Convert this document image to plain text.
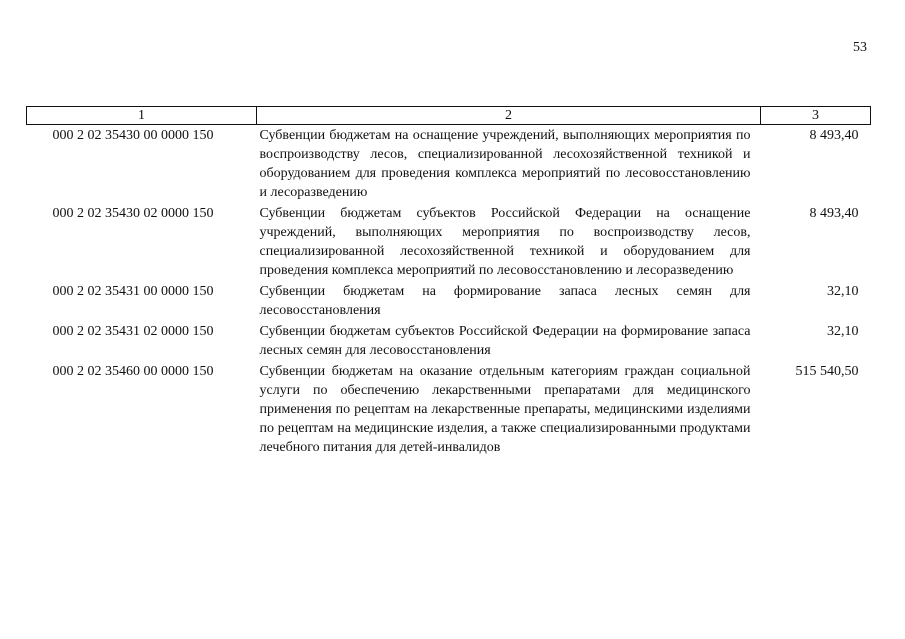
53
1	2	3
000 2 02 35430 00 0000 150	Субвенции бюджетам на оснащение учреждений, выполняющих мероприятия по воспроизводству лесов, специализированной лесохозяйственной техникой и оборудованием для проведения комплекса мероприятий по лесовосстановлению и лесоразведению	8 493,40
000 2 02 35430 02 0000 150	Субвенции бюджетам субъектов Российской Федерации на оснащение учреждений, выполняющих мероприятия по воспроизводству лесов, специализированной лесохозяйственной техникой и оборудованием для проведения комплекса мероприятий по лесовосстановлению и лесоразведению	8 493,40
000 2 02 35431 00 0000 150	Субвенции бюджетам на формирование запаса лесных семян для лесовосстановления	32,10
000 2 02 35431 02 0000 150	Субвенции бюджетам субъектов Российской Федерации на формирование запаса лесных семян для лесовосстановления	32,10
000 2 02 35460 00 0000 150	Субвенции бюджетам на оказание отдельным категориям граждан социальной услуги по обеспечению лекарственными препаратами для медицинского применения по рецептам на лекарственные препараты, медицинскими изделиями по рецептам на медицинские изделия, а также специализированными продуктами лечебного питания для детей-инвалидов	515 540,50
